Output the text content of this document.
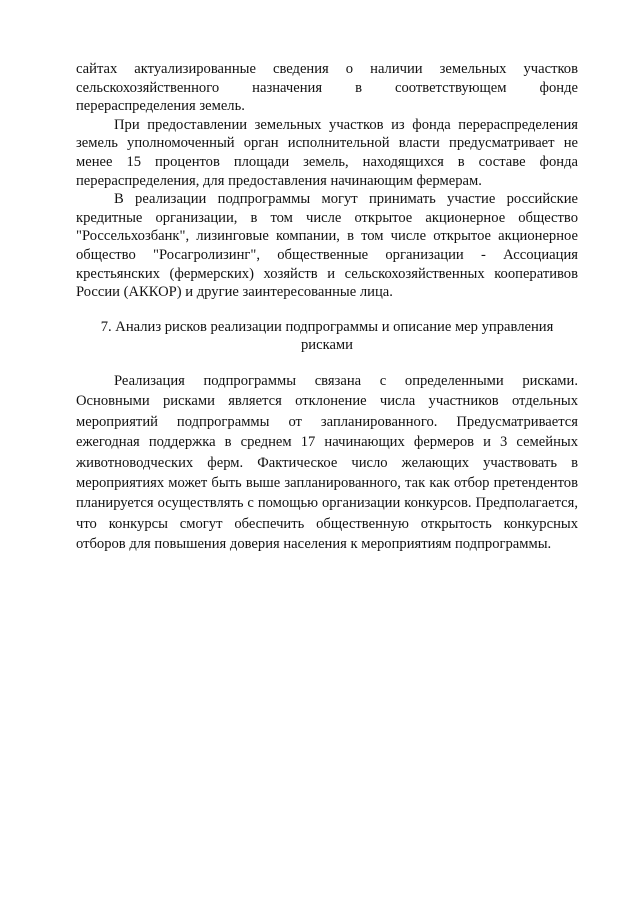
сайтах актуализированные сведения о наличии земельных участков сельскохозяйственного назначения в соответствующем фонде перераспределения земель.

При предоставлении земельных участков из фонда перераспределения земель уполномоченный орган исполнительной власти предусматривает не менее 15 процентов площади земель, находящихся в составе фонда перераспределения, для предоставления начинающим фермерам.

В реализации подпрограммы могут принимать участие российские кредитные организации, в том числе открытое акционерное общество "Россельхозбанк", лизинговые компании, в том числе открытое акционерное общество "Росагролизинг", общественные организации - Ассоциация крестьянских (фермерских) хозяйств и сельскохозяйственных кооперативов России (АККОР) и другие заинтересованные лица.

7. Анализ рисков реализации подпрограммы и описание мер управления рисками

Реализация подпрограммы связана с определенными рисками. Основными рисками является отклонение числа участников отдельных мероприятий подпрограммы от запланированного. Предусматривается ежегодная поддержка в среднем 17 начинающих фермеров и 3 семейных животноводческих ферм. Фактическое число желающих участвовать в мероприятиях может быть выше запланированного, так как отбор претендентов планируется осуществлять с помощью организации конкурсов. Предполагается, что конкурсы смогут обеспечить общественную открытость конкурсных отборов для повышения доверия населения к мероприятиям подпрограммы.
